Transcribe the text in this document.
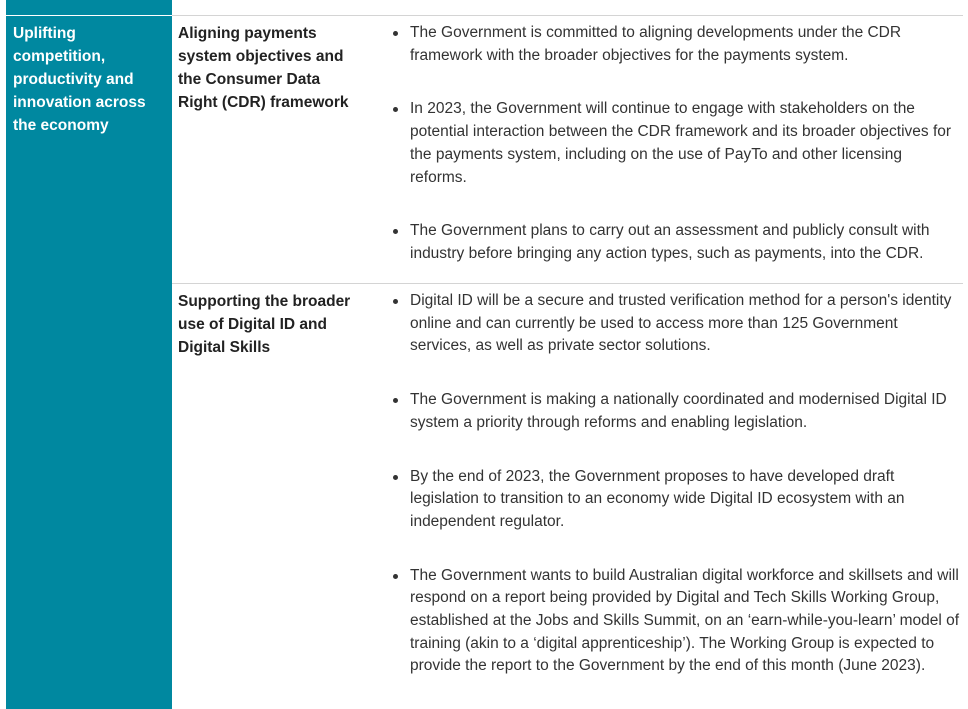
Uplifting competition, productivity and innovation across the economy
Aligning payments system objectives and the Consumer Data Right (CDR) framework
The Government is committed to aligning developments under the CDR framework with the broader objectives for the payments system.
In 2023, the Government will continue to engage with stakeholders on the potential interaction between the CDR framework and its broader objectives for the payments system, including on the use of PayTo and other licensing reforms.
The Government plans to carry out an assessment and publicly consult with industry before bringing any action types, such as payments, into the CDR.
Supporting the broader use of Digital ID and Digital Skills
Digital ID will be a secure and trusted verification method for a person's identity online and can currently be used to access more than 125 Government services, as well as private sector solutions.
The Government is making a nationally coordinated and modernised Digital ID system a priority through reforms and enabling legislation.
By the end of 2023, the Government proposes to have developed draft legislation to transition to an economy wide Digital ID ecosystem with an independent regulator.
The Government wants to build Australian digital workforce and skillsets and will respond on a report being provided by Digital and Tech Skills Working Group, established at the Jobs and Skills Summit, on an ‘earn-while-you-learn’ model of training (akin to a ‘digital apprenticeship’). The Working Group is expected to provide the report to the Government by the end of this month (June 2023).
